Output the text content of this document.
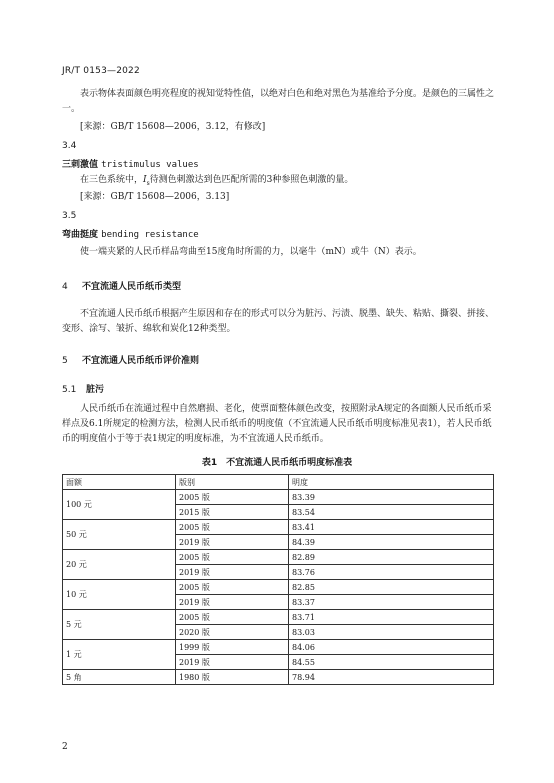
JR/T 0153—2022
表示物体表面颜色明亮程度的视知觉特性值，以绝对白色和绝对黑色为基准给予分度。是颜色的三属性之一。
[来源：GB/T 15608—2006，3.12，有修改]
3.4
三刺激值 tristimulus values
在三色系统中，$I_s$待测色刺激达到色匹配所需的3种参照色刺激的量。
[来源：GB/T 15608—2006，3.13]
3.5
弯曲挺度 bending resistance
使一端夹紧的人民币样品弯曲至15度角时所需的力，以毫牛（mN）或牛（N）表示。
4 不宜流通人民币纸币类型
不宜流通人民币纸币根据产生原因和存在的形式可以分为脏污、污渍、脱墨、缺失、粘贴、撕裂、拼接、变形、涂写、皱折、绵软和炭化12种类型。
5 不宜流通人民币纸币评价准则
5.1 脏污
人民币纸币在流通过程中自然磨损、老化，使票面整体颜色改变，按照附录A规定的各面额人民币纸币采样点及6.1所规定的检测方法，检测人民币纸币的明度值（不宜流通人民币纸币明度标准见表1），若人民币纸币的明度值小于等于表1规定的明度标准，为不宜流通人民币纸币。
表1　不宜流通人民币纸币明度标准表
面额	版别	明度
100 元	2005 版	83.39
	2015 版	83.54
50 元	2005 版	83.41
	2019 版	84.39
20 元	2005 版	82.89
	2019 版	83.76
10 元	2005 版	82.85
	2019 版	83.37
5 元	2005 版	83.71
	2020 版	83.03
1 元	1999 版	84.06
	2019 版	84.55
5 角	1980 版	78.94
2
